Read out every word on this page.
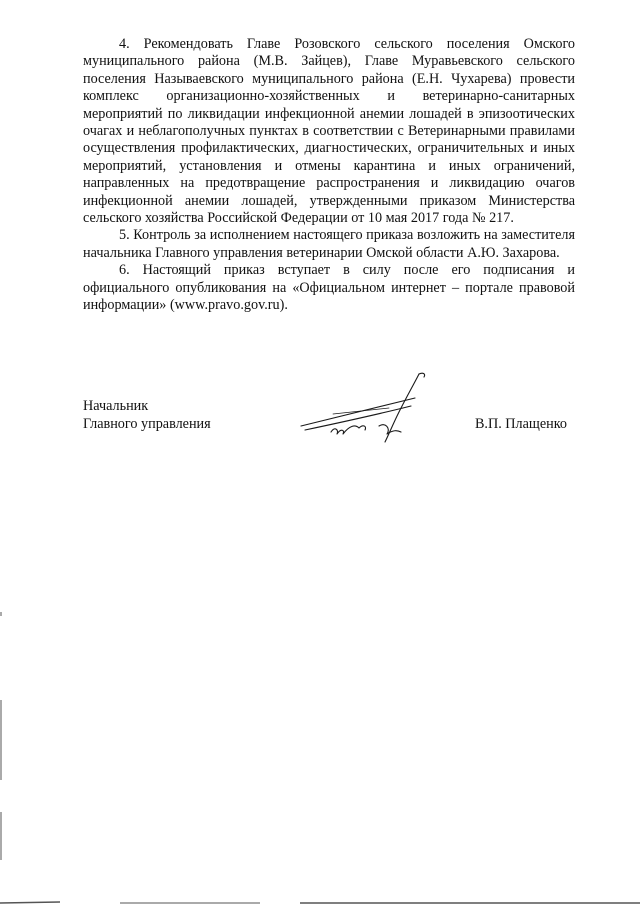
4. Рекомендовать Главе Розовского сельского поселения Омского муниципального района (М.В. Зайцев), Главе Муравьевского сельского поселения Называевского муниципального района (Е.Н. Чухарева) провести комплекс организационно-хозяйственных и ветеринарно-санитарных мероприятий по ликвидации инфекционной анемии лошадей в эпизоотических очагах и неблагополучных пунктах в соответствии с Ветеринарными правилами осуществления профилактических, диагностических, ограничительных и иных мероприятий, установления и отмены карантина и иных ограничений, направленных на предотвращение распространения и ликвидацию очагов инфекционной анемии лошадей, утвержденными приказом Министерства сельского хозяйства Российской Федерации от 10 мая 2017 года № 217.

5. Контроль за исполнением настоящего приказа возложить на заместителя начальника Главного управления ветеринарии Омской области А.Ю. Захарова.

6. Настоящий приказ вступает в силу после его подписания и официального опубликования на «Официальном интернет – портале правовой информации» (www.pravo.gov.ru).

Начальник
Главного управления	В.П. Плащенко
